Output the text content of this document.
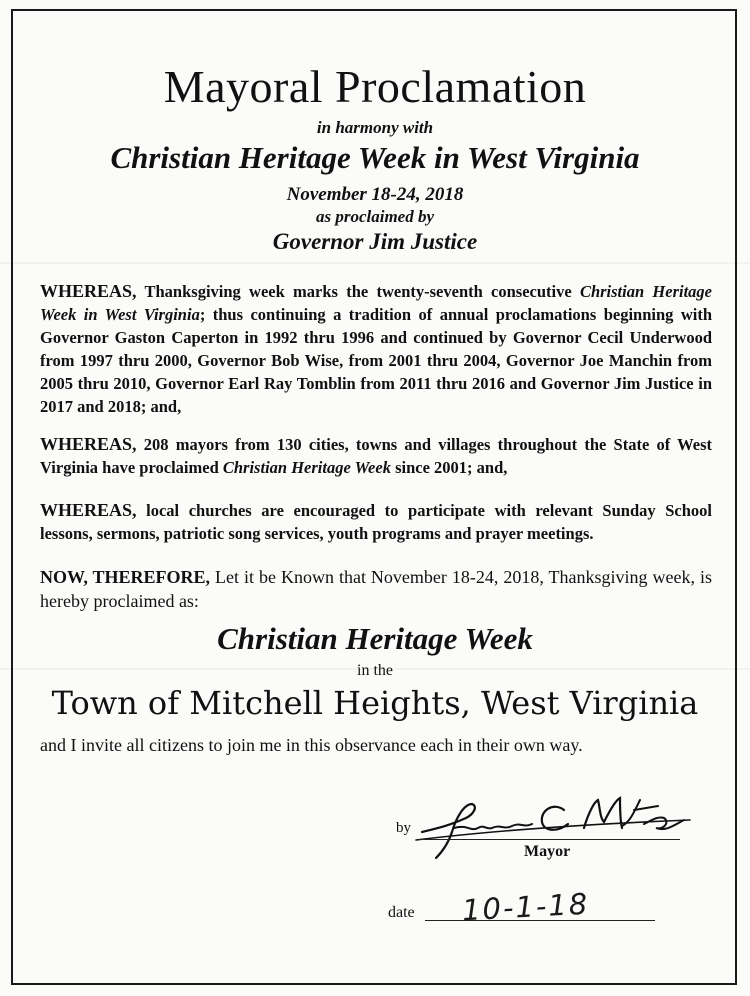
Mayoral Proclamation
in harmony with
Christian Heritage Week in West Virginia
November 18-24, 2018
as proclaimed by
Governor Jim Justice
WHEREAS, Thanksgiving week marks the twenty-seventh consecutive Christian Heritage Week in West Virginia; thus continuing a tradition of annual proclamations beginning with Governor Gaston Caperton in 1992 thru 1996 and continued by Governor Cecil Underwood from 1997 thru 2000, Governor Bob Wise, from 2001 thru 2004, Governor Joe Manchin from 2005 thru 2010, Governor Earl Ray Tomblin from 2011 thru 2016 and Governor Jim Justice in 2017 and 2018; and,
WHEREAS, 208 mayors from 130 cities, towns and villages throughout the State of West Virginia have proclaimed Christian Heritage Week since 2001; and,
WHEREAS, local churches are encouraged to participate with relevant Sunday School lessons, sermons, patriotic song services, youth programs and prayer meetings.
NOW, THEREFORE, Let it be Known that November 18-24, 2018, Thanksgiving week, is hereby proclaimed as:
Christian Heritage Week
in the
Town of Mitchell Heights, West Virginia
and I invite all citizens to join me in this observance each in their own way.
by
Mayor
date 10-1-18
